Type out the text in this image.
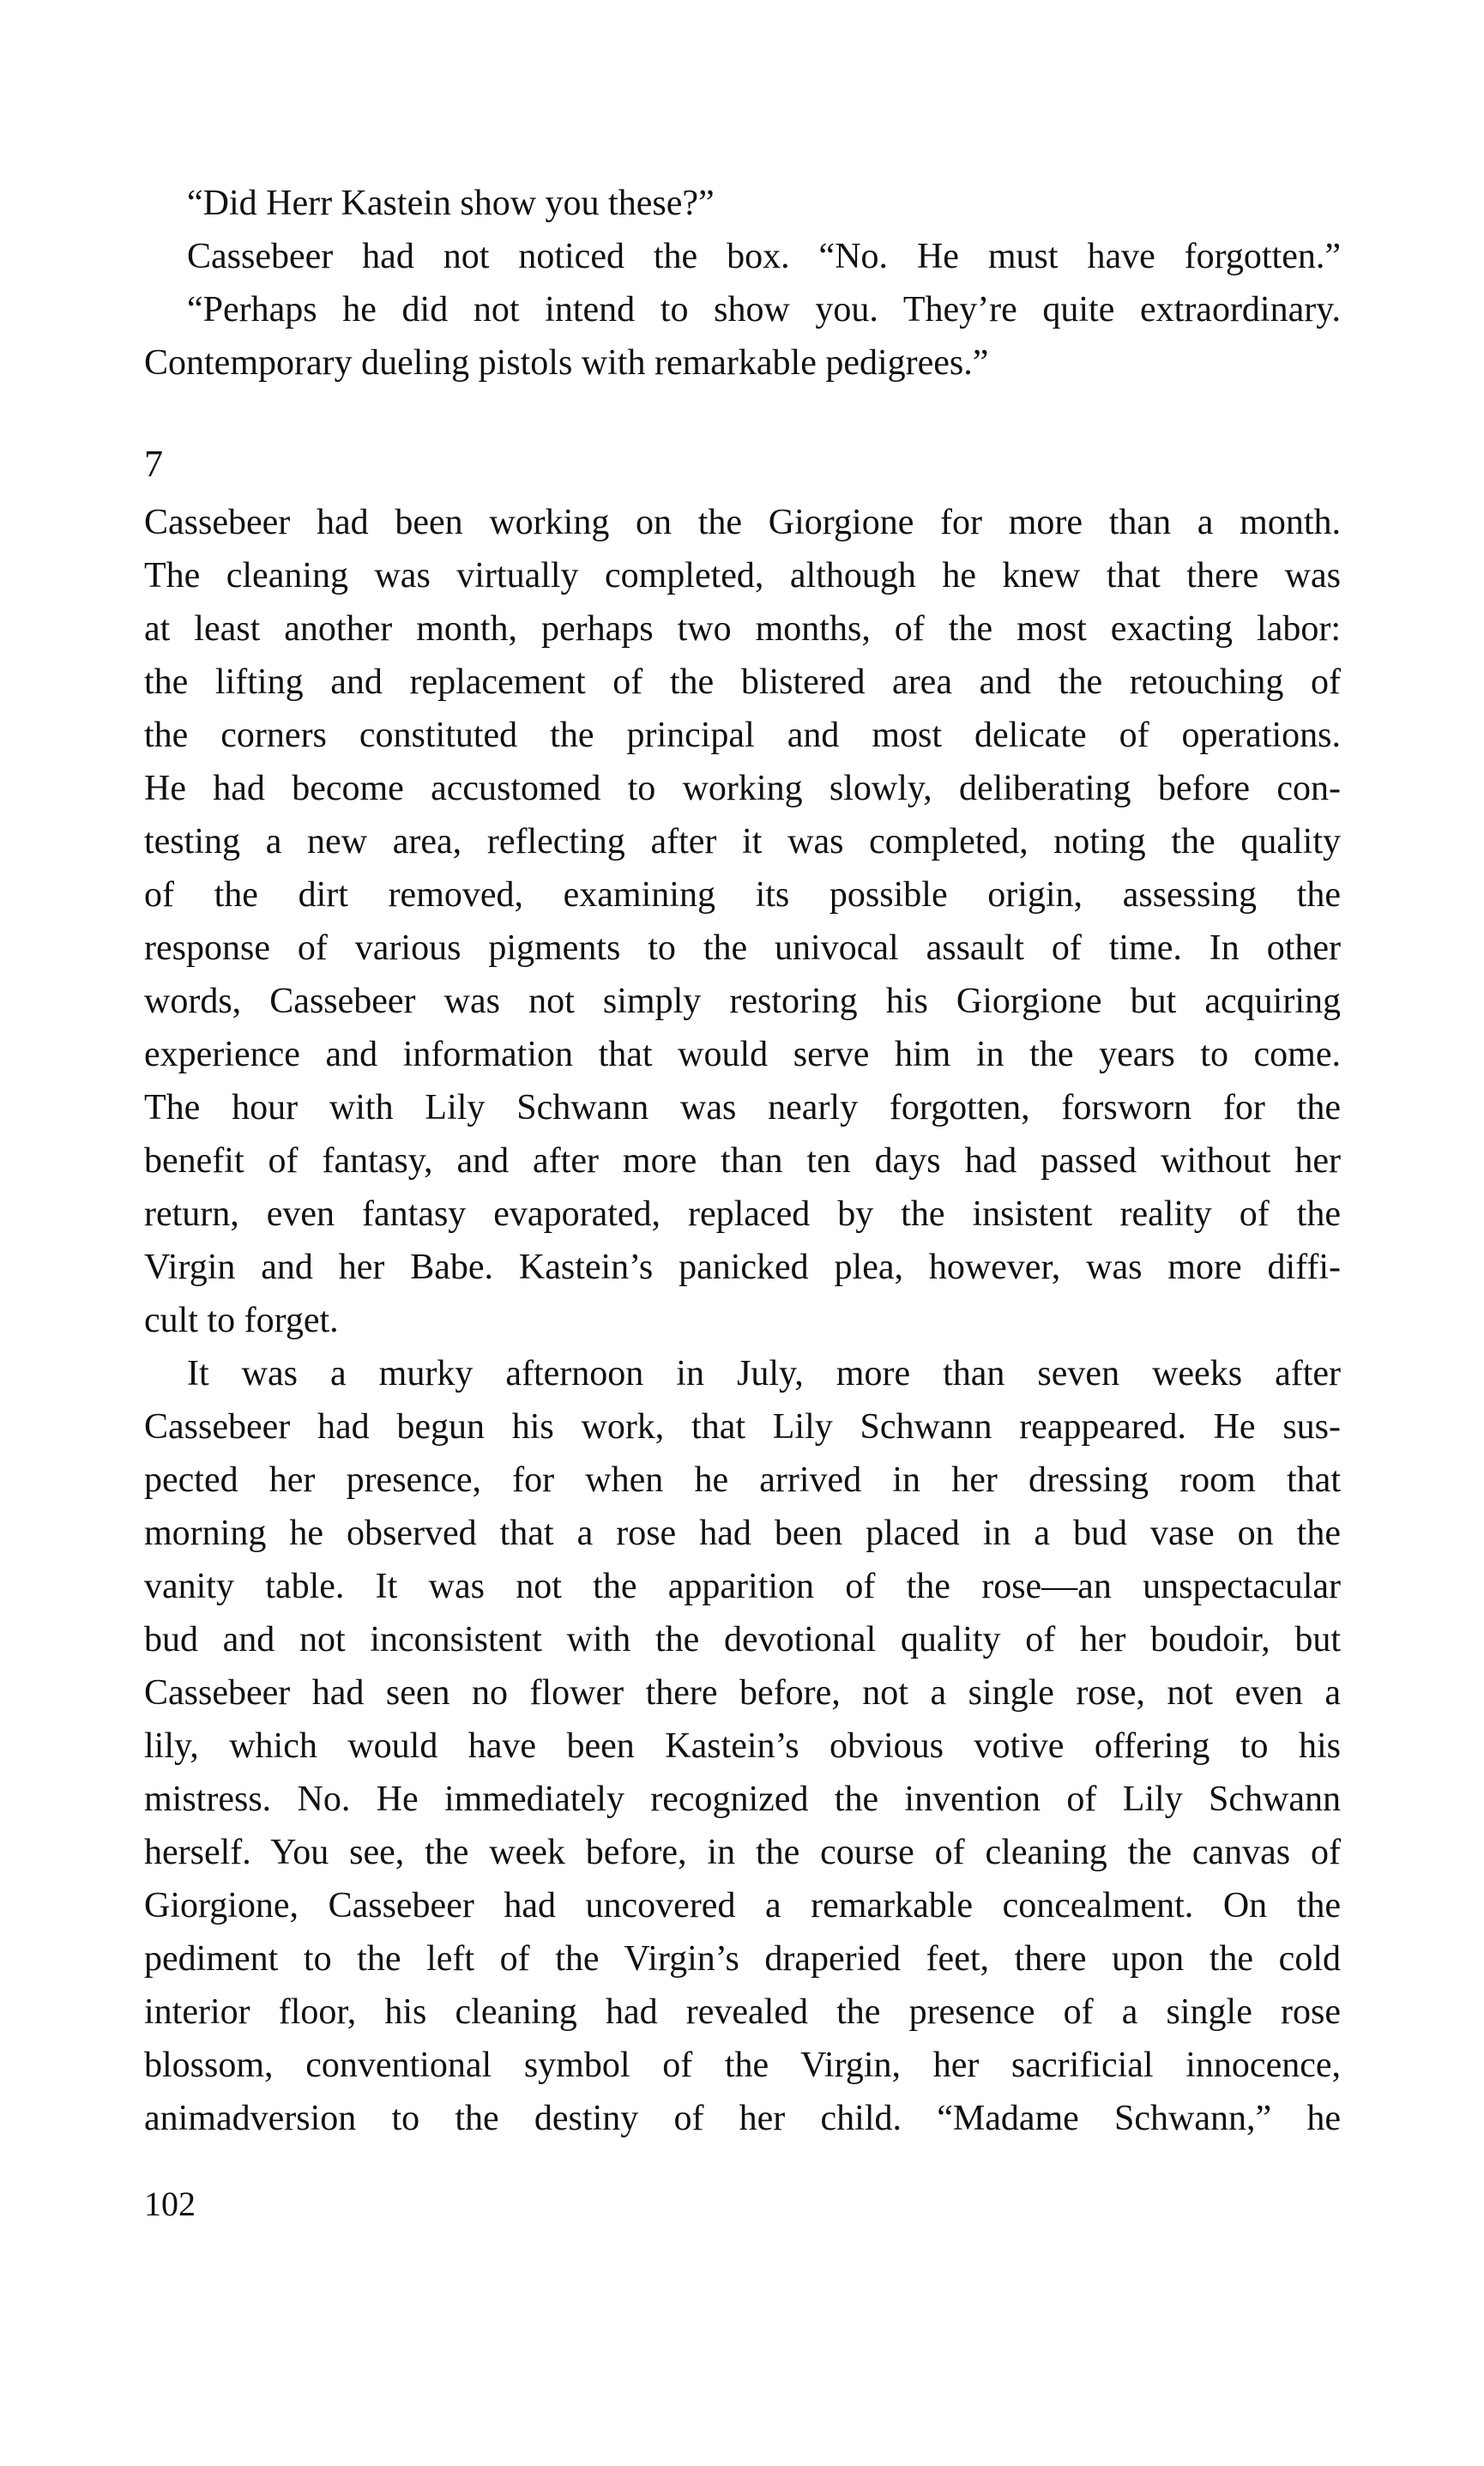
“Did Herr Kastein show you these?”
Cassebeer had not noticed the box. “No. He must have forgotten.”
“Perhaps he did not intend to show you. They’re quite extraordinary.
Contemporary dueling pistols with remarkable pedigrees.”
7
Cassebeer had been working on the Giorgione for more than a month.
The cleaning was virtually completed, although he knew that there was
at least another month, perhaps two months, of the most exacting labor:
the lifting and replacement of the blistered area and the retouching of
the corners constituted the principal and most delicate of operations.
He had become accustomed to working slowly, deliberating before con-
testing a new area, reflecting after it was completed, noting the quality
of the dirt removed, examining its possible origin, assessing the
response of various pigments to the univocal assault of time. In other
words, Cassebeer was not simply restoring his Giorgione but acquiring
experience and information that would serve him in the years to come.
The hour with Lily Schwann was nearly forgotten, forsworn for the
benefit of fantasy, and after more than ten days had passed without her
return, even fantasy evaporated, replaced by the insistent reality of the
Virgin and her Babe. Kastein’s panicked plea, however, was more diffi-
cult to forget.
It was a murky afternoon in July, more than seven weeks after
Cassebeer had begun his work, that Lily Schwann reappeared. He sus-
pected her presence, for when he arrived in her dressing room that
morning he observed that a rose had been placed in a bud vase on the
vanity table. It was not the apparition of the rose—an unspectacular
bud and not inconsistent with the devotional quality of her boudoir, but
Cassebeer had seen no flower there before, not a single rose, not even a
lily, which would have been Kastein’s obvious votive offering to his
mistress. No. He immediately recognized the invention of Lily Schwann
herself. You see, the week before, in the course of cleaning the canvas of
Giorgione, Cassebeer had uncovered a remarkable concealment. On the
pediment to the left of the Virgin’s draperied feet, there upon the cold
interior floor, his cleaning had revealed the presence of a single rose
blossom, conventional symbol of the Virgin, her sacrificial innocence,
animadversion to the destiny of her child. “Madame Schwann,” he
102
